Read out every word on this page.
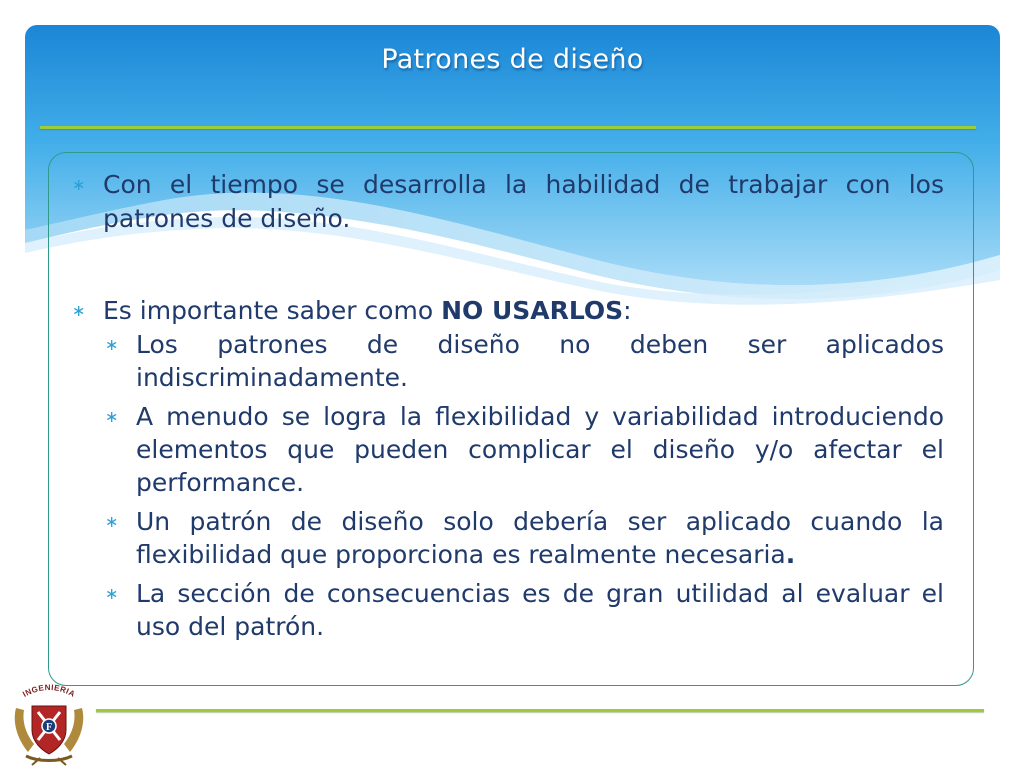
Patrones de diseño
∗ Con el tiempo se desarrolla la habilidad de trabajar con los patrones de diseño.
∗ Es importante saber como NO USARLOS:
∗ Los patrones de diseño no deben ser aplicados indiscriminadamente.
∗ A menudo se logra la flexibilidad y variabilidad introduciendo elementos que pueden complicar el diseño y/o afectar el performance.
∗ Un patrón de diseño solo debería ser aplicado cuando la flexibilidad que proporciona es realmente necesaria.
∗ La sección de consecuencias es de gran utilidad al evaluar el uso del patrón.
INGENIERIA
F
